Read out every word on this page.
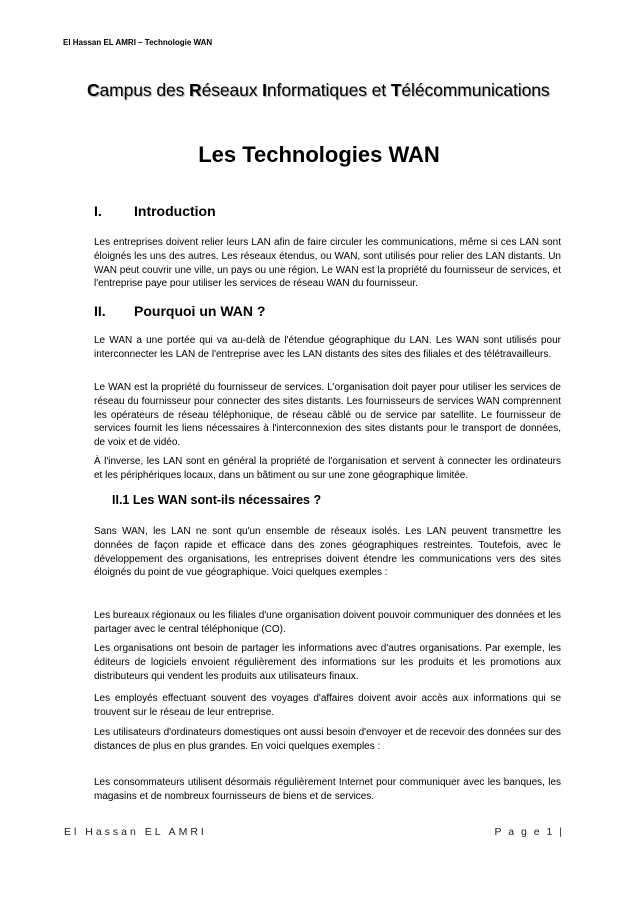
El Hassan EL AMRI – Technologie WAN
Campus des Réseaux Informatiques et Télécommunications
Les Technologies WAN
I. Introduction
Les entreprises doivent relier leurs LAN afin de faire circuler les communications, même si ces LAN sont éloignés les uns des autres. Les réseaux étendus, ou WAN, sont utilisés pour relier des LAN distants. Un WAN peut couvrir une ville, un pays ou une région. Le WAN est la propriété du fournisseur de services, et l'entreprise paye pour utiliser les services de réseau WAN du fournisseur.
II. Pourquoi un WAN ?
Le WAN a une portée qui va au-delà de l'étendue géographique du LAN. Les WAN sont utilisés pour interconnecter les LAN de l'entreprise avec les LAN distants des sites des filiales et des télétravailleurs.
Le WAN est la propriété du fournisseur de services. L'organisation doit payer pour utiliser les services de réseau du fournisseur pour connecter des sites distants. Les fournisseurs de services WAN comprennent les opérateurs de réseau téléphonique, de réseau câblé ou de service par satellite. Le fournisseur de services fournit les liens nécessaires à l'interconnexion des sites distants pour le transport de données, de voix et de vidéo.
À l'inverse, les LAN sont en général la propriété de l'organisation et servent à connecter les ordinateurs et les périphériques locaux, dans un bâtiment ou sur une zone géographique limitée.
II.1 Les WAN sont-ils nécessaires ?
Sans WAN, les LAN ne sont qu'un ensemble de réseaux isolés. Les LAN peuvent transmettre les données de façon rapide et efficace dans des zones géographiques restreintes. Toutefois, avec le développement des organisations, les entreprises doivent étendre les communications vers des sites éloignés du point de vue géographique. Voici quelques exemples :
Les bureaux régionaux ou les filiales d'une organisation doivent pouvoir communiquer des données et les partager avec le central téléphonique (CO).
Les organisations ont besoin de partager les informations avec d'autres organisations. Par exemple, les éditeurs de logiciels envoient régulièrement des informations sur les produits et les promotions aux distributeurs qui vendent les produits aux utilisateurs finaux.
Les employés effectuant souvent des voyages d'affaires doivent avoir accès aux informations qui se trouvent sur le réseau de leur entreprise.
Les utilisateurs d'ordinateurs domestiques ont aussi besoin d'envoyer et de recevoir des données sur des distances de plus en plus grandes. En voici quelques exemples :
Les consommateurs utilisent désormais régulièrement Internet pour communiquer avec les banques, les magasins et de nombreux fournisseurs de biens et de services.
El Hassan EL AMRI	P a g e 1 |
